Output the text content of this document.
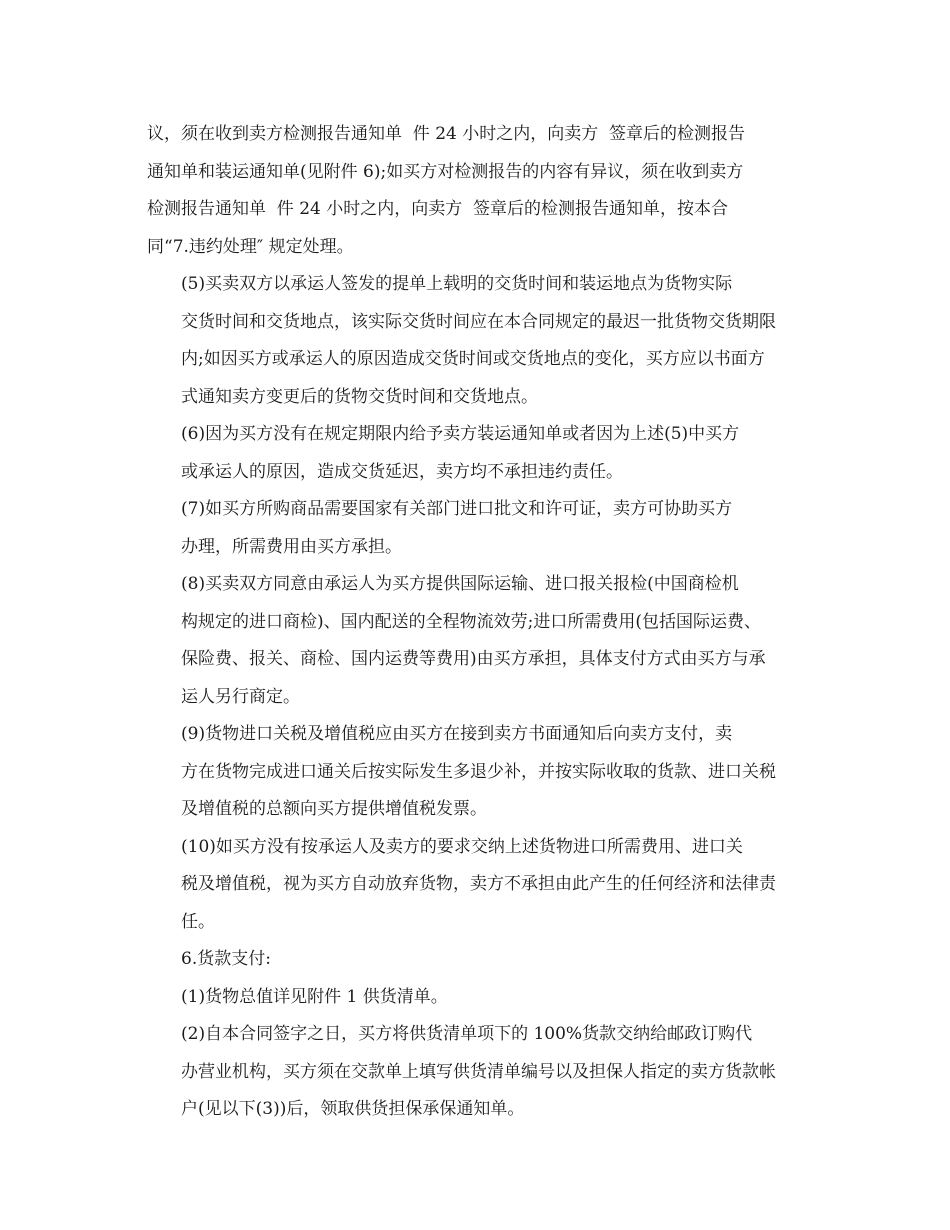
议，须在收到卖方检测报告通知单  件 24 小时之内，向卖方  签章后的检测报告
通知单和装运通知单(见附件 6);如买方对检测报告的内容有异议，须在收到卖方
检测报告通知单  件 24 小时之内，向卖方  签章后的检测报告通知单，按本合
同“7.违约处理″ 规定处理。

(5)买卖双方以承运人签发的提单上载明的交货时间和装运地点为货物实际
交货时间和交货地点，该实际交货时间应在本合同规定的最迟一批货物交货期限
内;如因买方或承运人的原因造成交货时间或交货地点的变化，买方应以书面方
式通知卖方变更后的货物交货时间和交货地点。

(6)因为买方没有在规定期限内给予卖方装运通知单或者因为上述(5)中买方
或承运人的原因，造成交货延迟，卖方均不承担违约责任。

(7)如买方所购商品需要国家有关部门进口批文和许可证，卖方可协助买方
办理，所需费用由买方承担。

(8)买卖双方同意由承运人为买方提供国际运输、进口报关报检(中国商检机
构规定的进口商检)、国内配送的全程物流效劳;进口所需费用(包括国际运费、
保险费、报关、商检、国内运费等费用)由买方承担，具体支付方式由买方与承
运人另行商定。

(9)货物进口关税及增值税应由买方在接到卖方书面通知后向卖方支付，卖
方在货物完成进口通关后按实际发生多退少补，并按实际收取的货款、进口关税
及增值税的总额向买方提供增值税发票。

(10)如买方没有按承运人及卖方的要求交纳上述货物进口所需费用、进口关
税及增值税，视为买方自动放弃货物，卖方不承担由此产生的任何经济和法律责
任。

6.货款支付:

(1)货物总值详见附件 1 供货清单。

(2)自本合同签字之日，买方将供货清单项下的 100%货款交纳给邮政订购代
办营业机构，买方须在交款单上填写供货清单编号以及担保人指定的卖方货款帐
户(见以下(3))后，领取供货担保承保通知单。
